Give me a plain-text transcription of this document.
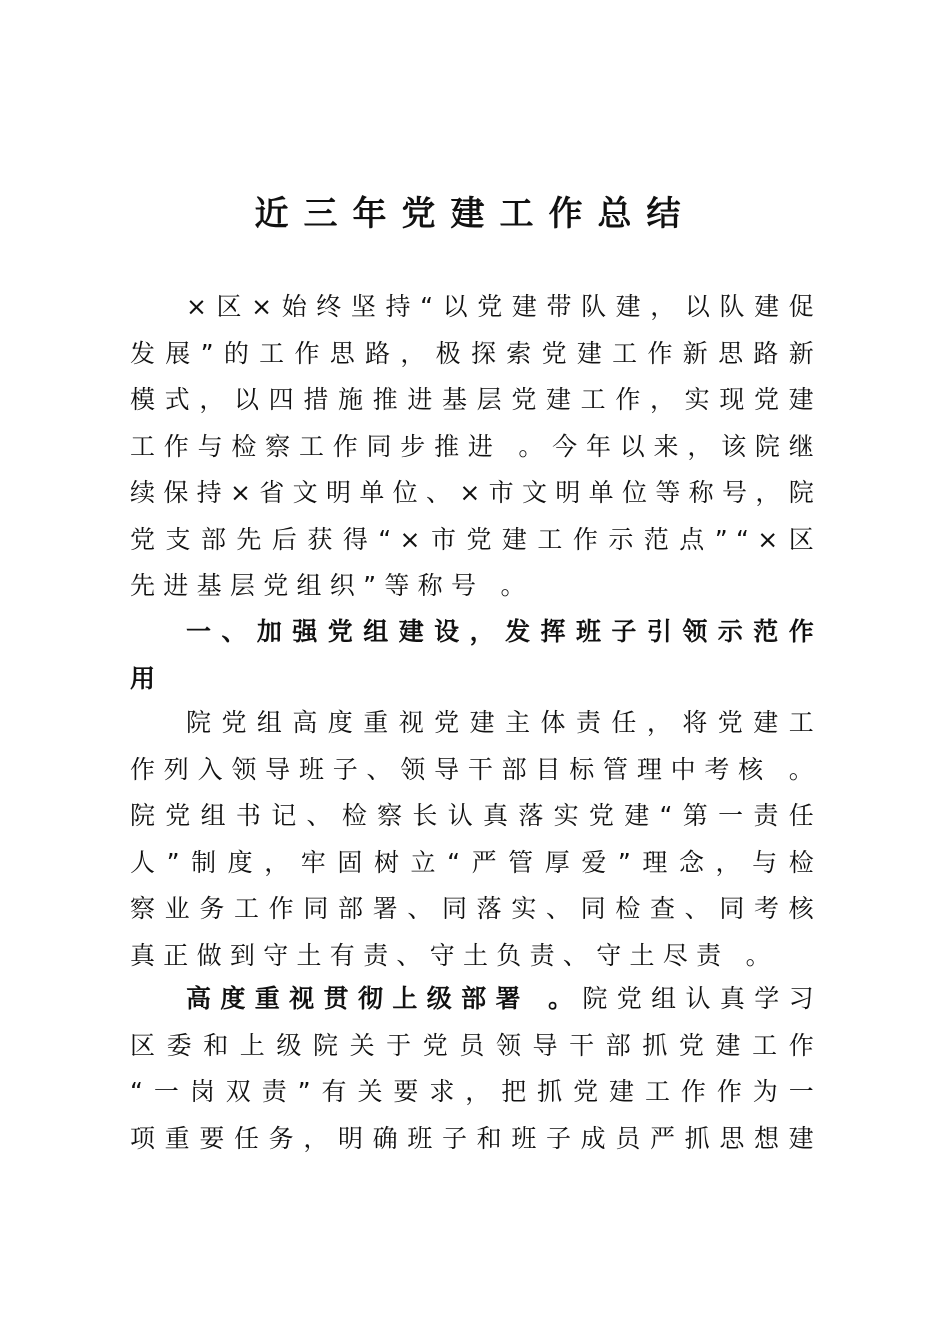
近三年党建工作总结
×区×始终坚持“以党建带队建，以队建促
发展”的工作思路，极探索党建工作新思路新
模式，以四措施推进基层党建工作，实现党建
工作与检察工作同步推进 。今年以来，该院继
续保持×省文明单位、×市文明单位等称号，院
党支部先后获得“×市党建工作示范点”“×区
先进基层党组织”等称号 。
一、加强党组建设，发挥班子引领示范作
用
院党组高度重视党建主体责任，将党建工
作列入领导班子、领导干部目标管理中考核 。
院党组书记、检察长认真落实党建“第一责任
人”制度，牢固树立“严管厚爱”理念，与检
察业务工作同部署、同落实、同检查、同考核
真正做到守土有责、守土负责、守土尽责 。
高度重视贯彻上级部署 。院党组认真学习
区委和上级院关于党员领导干部抓党建工作
“一岗双责”有关要求，把抓党建工作作为一
项重要任务，明确班子和班子成员严抓思想建
